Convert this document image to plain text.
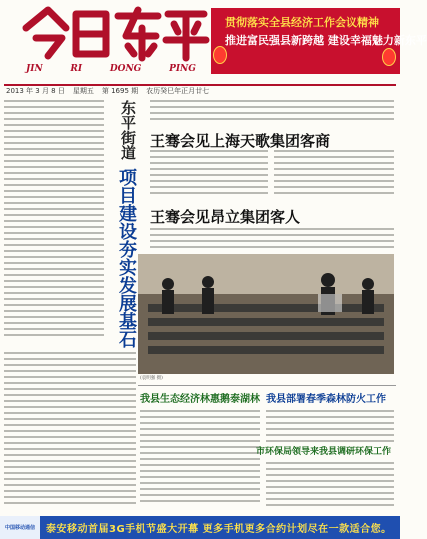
JIN	RI	DONG	PING
贯彻落实全县经济工作会议精神
推进富民强县新跨越 建设幸福魅力新东平
2013 年 3 月 8 日 星期五 第 1695 期 农历癸巳年正月廿七
东平街道
项目建设夯实发展基石
王骞会见上海天歌集团客商
王骞会见昂立集团客人
(袁明强 摄)
我县生态经济林惠鹅泰湖林 我县部署春季森林防火工作
市环保局领导来我县调研环保工作
中国移动通信	泰安移动首届3G手机节盛大开幕 更多手机更多合约计划尽在一款适合您。
